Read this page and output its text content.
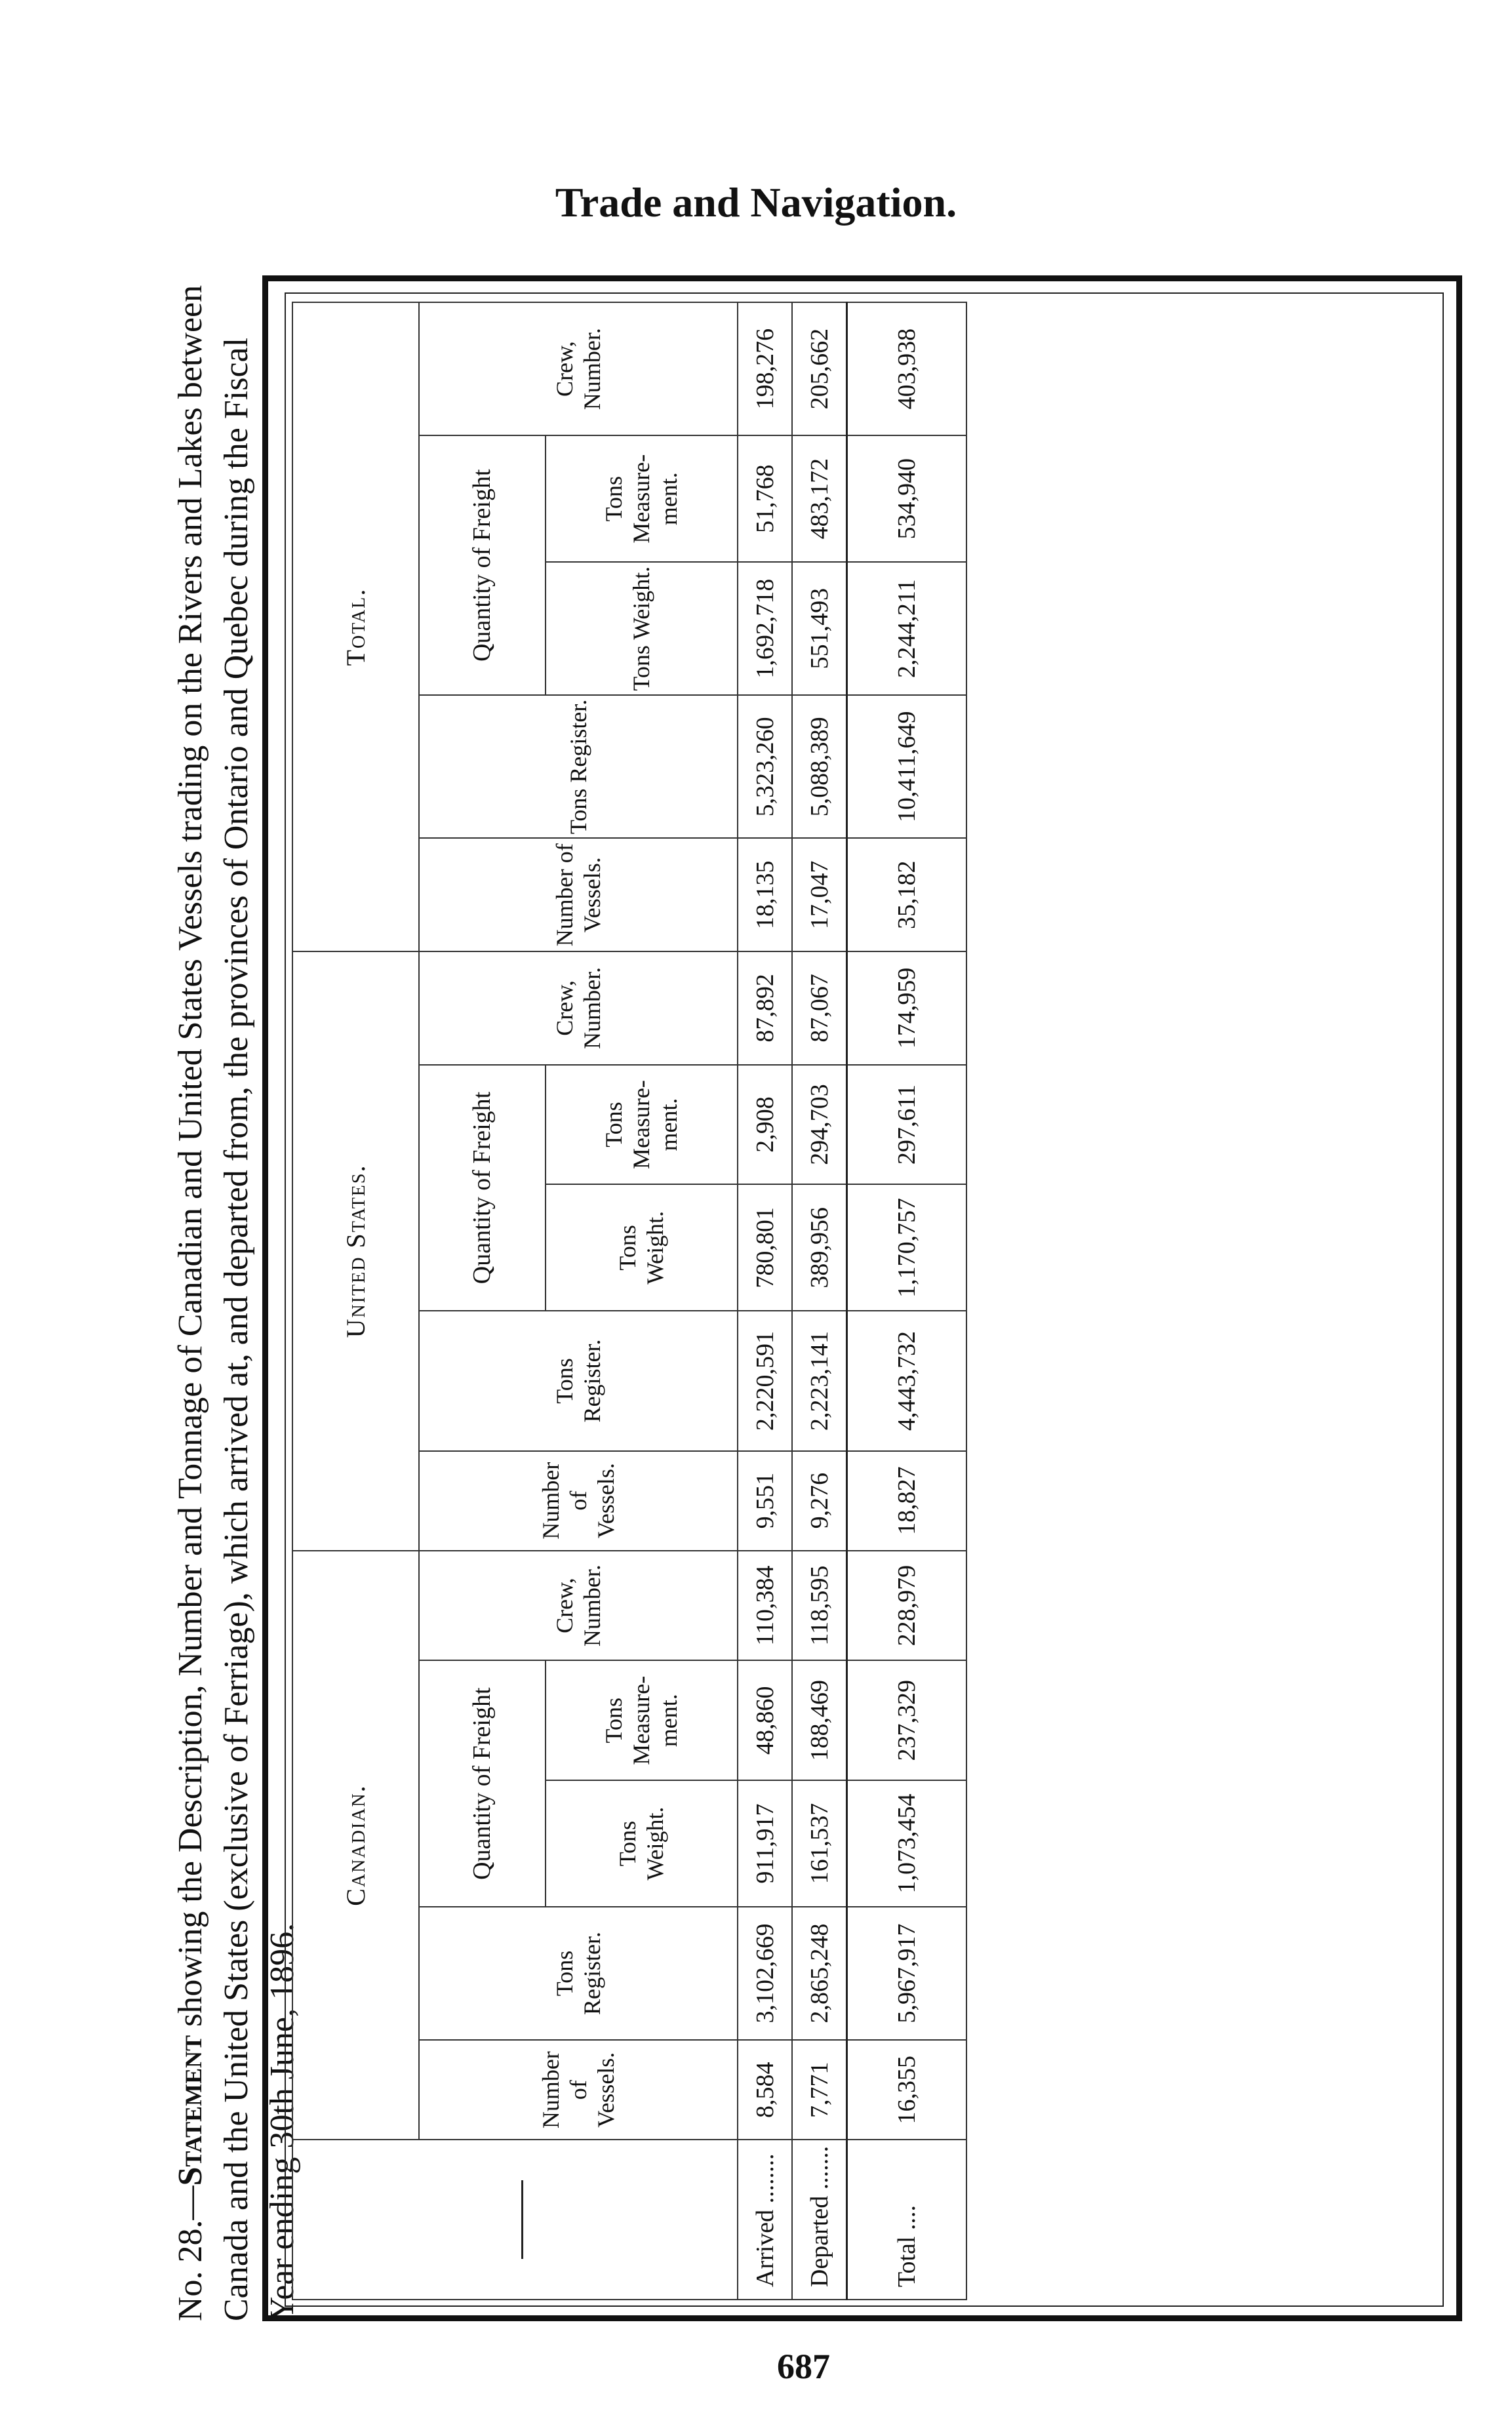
Trade and Navigation.
No. 28.—Statement showing the Description, Number and Tonnage of Canadian and United States Vessels trading on the Rivers and Lakes between Canada and the United States (exclusive of Ferriage), which arrived at, and departed from, the provinces of Ontario and Quebec during the Fiscal Year ending 30th June, 1896.
	Canadian.					United States.					Total.				
	Number of Vessels.	Tons Register.	Quantity of Freight		Crew, Number.	Number of Vessels.	Tons Register.	Quantity of Freight		Crew, Number.	Number of Vessels.	Tons Register.	Quantity of Freight		Crew, Number.
			Tons Weight.	Tons Measure-ment.				Tons Weight.	Tons Measure-ment.				Tons Weight.	Tons Measure-ment.	
Arrived ........	8,584	3,102,669	911,917	48,860	110,384	9,551	2,220,591	780,801	2,908	87,892	18,135	5,323,260	1,692,718	51,768	198,276
Departed .......	7,771	2,865,248	161,537	188,469	118,595	9,276	2,223,141	389,956	294,703	87,067	17,047	5,088,389	551,493	483,172	205,662
Total ....	16,355	5,967,917	1,073,454	237,329	228,979	18,827	4,443,732	1,170,757	297,611	174,959	35,182	10,411,649	2,244,211	534,940	403,938
687
